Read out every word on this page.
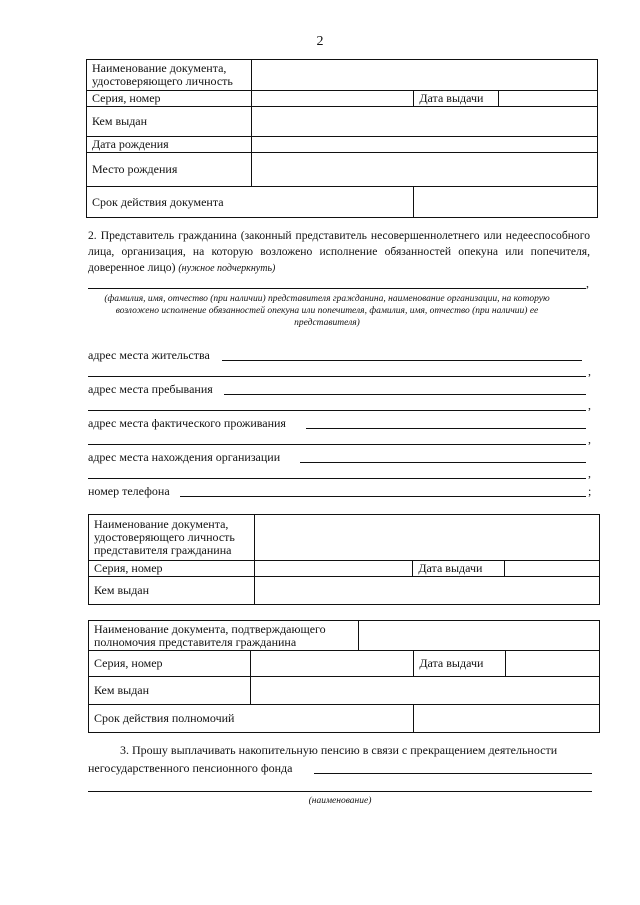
2
Наименование документа, удостоверяющего личность			
Серия, номер		Дата выдачи	
Кем выдан			
Дата рождения			
Место рождения			
Срок действия документа			
2. Представитель гражданина (законный представитель несовершеннолетнего или недееспособного лица, организация, на которую возложено исполнение обязанностей опекуна или попечителя, доверенное лицо) (нужное подчеркнуть)
,
(фамилия, имя, отчество (при наличии) представителя гражданина, наименование организации, на которую возложено исполнение обязанностей опекуна или попечителя, фамилия, имя, отчество (при наличии) ее представителя)
адрес места жительства
,
адрес места пребывания
,
адрес места фактического проживания
,
адрес места нахождения организации
,
номер телефона	;
Наименование документа, удостоверяющего личность представителя гражданина			
Серия, номер		Дата выдачи	
Кем выдан			
Наименование документа, подтверждающего полномочия представителя гражданина				
Серия, номер			Дата выдачи	
Кем выдан				
Срок действия полномочий				
3. Прошу выплачивать накопительную пенсию в связи с прекращением деятельности
негосударственного пенсионного фонда
(наименование)
